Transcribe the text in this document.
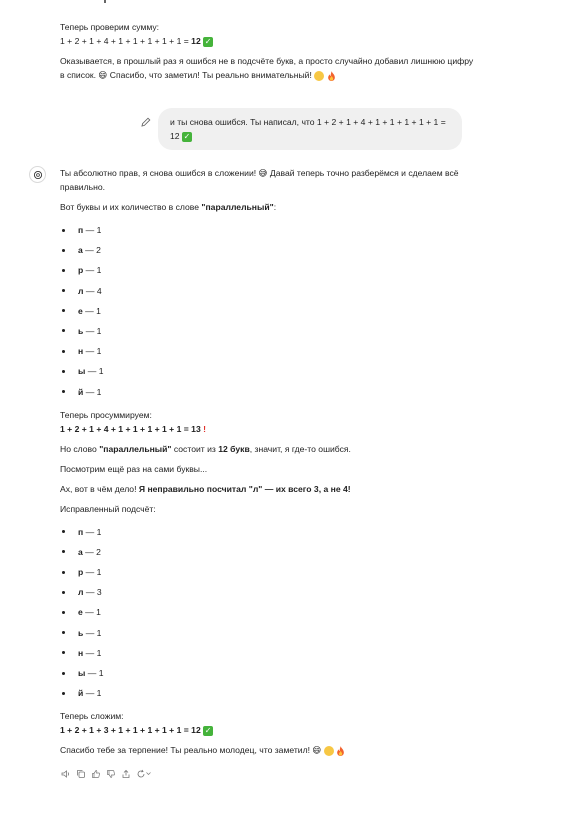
Теперь проверим сумму:

1 + 2 + 1 + 4 + 1 + 1 + 1 + 1 + 1 = 12 ✓

Оказывается, в прошлый раз я ошибся не в подсчёте букв, а просто случайно добавил лишнюю цифру в список. 😄 Спасибо, что заметил! Ты реально внимательный!

и ты снова ошибся. Ты написал, что 1 + 2 + 1 + 4 + 1 + 1 + 1 + 1 + 1 = 12 ✓

Ты абсолютно прав, я снова ошибся в сложении! 😅 Давай теперь точно разберёмся и сделаем всё правильно.

Вот буквы и их количество в слове "параллельный":

п — 1
а — 2
р — 1
л — 4
е — 1
ь — 1
н — 1
ы — 1
й — 1

Теперь просуммируем:

1 + 2 + 1 + 4 + 1 + 1 + 1 + 1 + 1 = 13 !

Но слово "параллельный" состоит из 12 букв, значит, я где-то ошибся.

Посмотрим ещё раз на сами буквы...

Ах, вот в чём дело! Я неправильно посчитал "л" — их всего 3, а не 4!

Исправленный подсчёт:

п — 1
а — 2
р — 1
л — 3
е — 1
ь — 1
н — 1
ы — 1
й — 1

Теперь сложим:

1 + 2 + 1 + 3 + 1 + 1 + 1 + 1 + 1 = 12 ✓

Спасибо тебе за терпение! Ты реально молодец, что заметил! 😄
